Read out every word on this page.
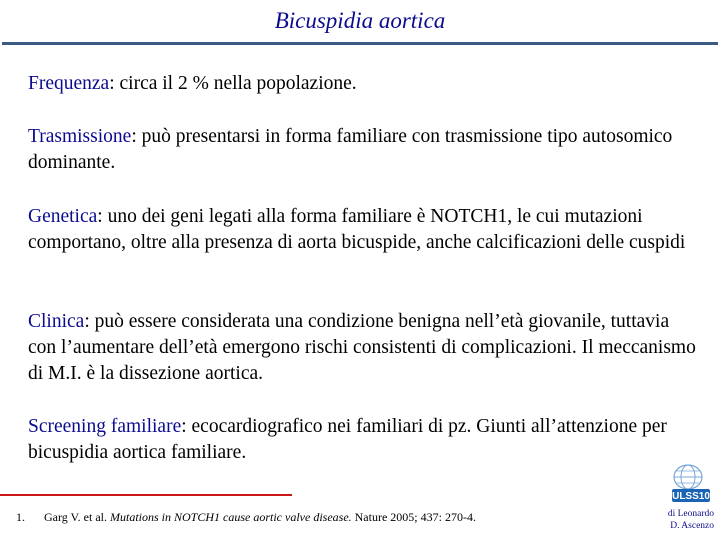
Bicuspidia aortica
Frequenza: circa il 2 % nella popolazione.
Trasmissione: può presentarsi in forma familiare con trasmissione tipo autosomico dominante.
Genetica: uno dei geni legati alla forma familiare è NOTCH1, le cui mutazioni comportano, oltre alla presenza di aorta bicuspide, anche calcificazioni delle cuspidi
Clinica: può essere considerata una condizione benigna nell’età giovanile, tuttavia con l’aumentare dell’età emergono rischi consistenti di complicazioni. Il meccanismo di M.I. è la dissezione aortica.
Screening familiare: ecocardiografico nei familiari di pz. Giunti all’attenzione per bicuspidia aortica familiare.
1. Garg V. et al. Mutations in NOTCH1 cause aortic valve disease. Nature 2005; 437: 270-4.
ULSS10
di Leonardo
D. Ascenzo
